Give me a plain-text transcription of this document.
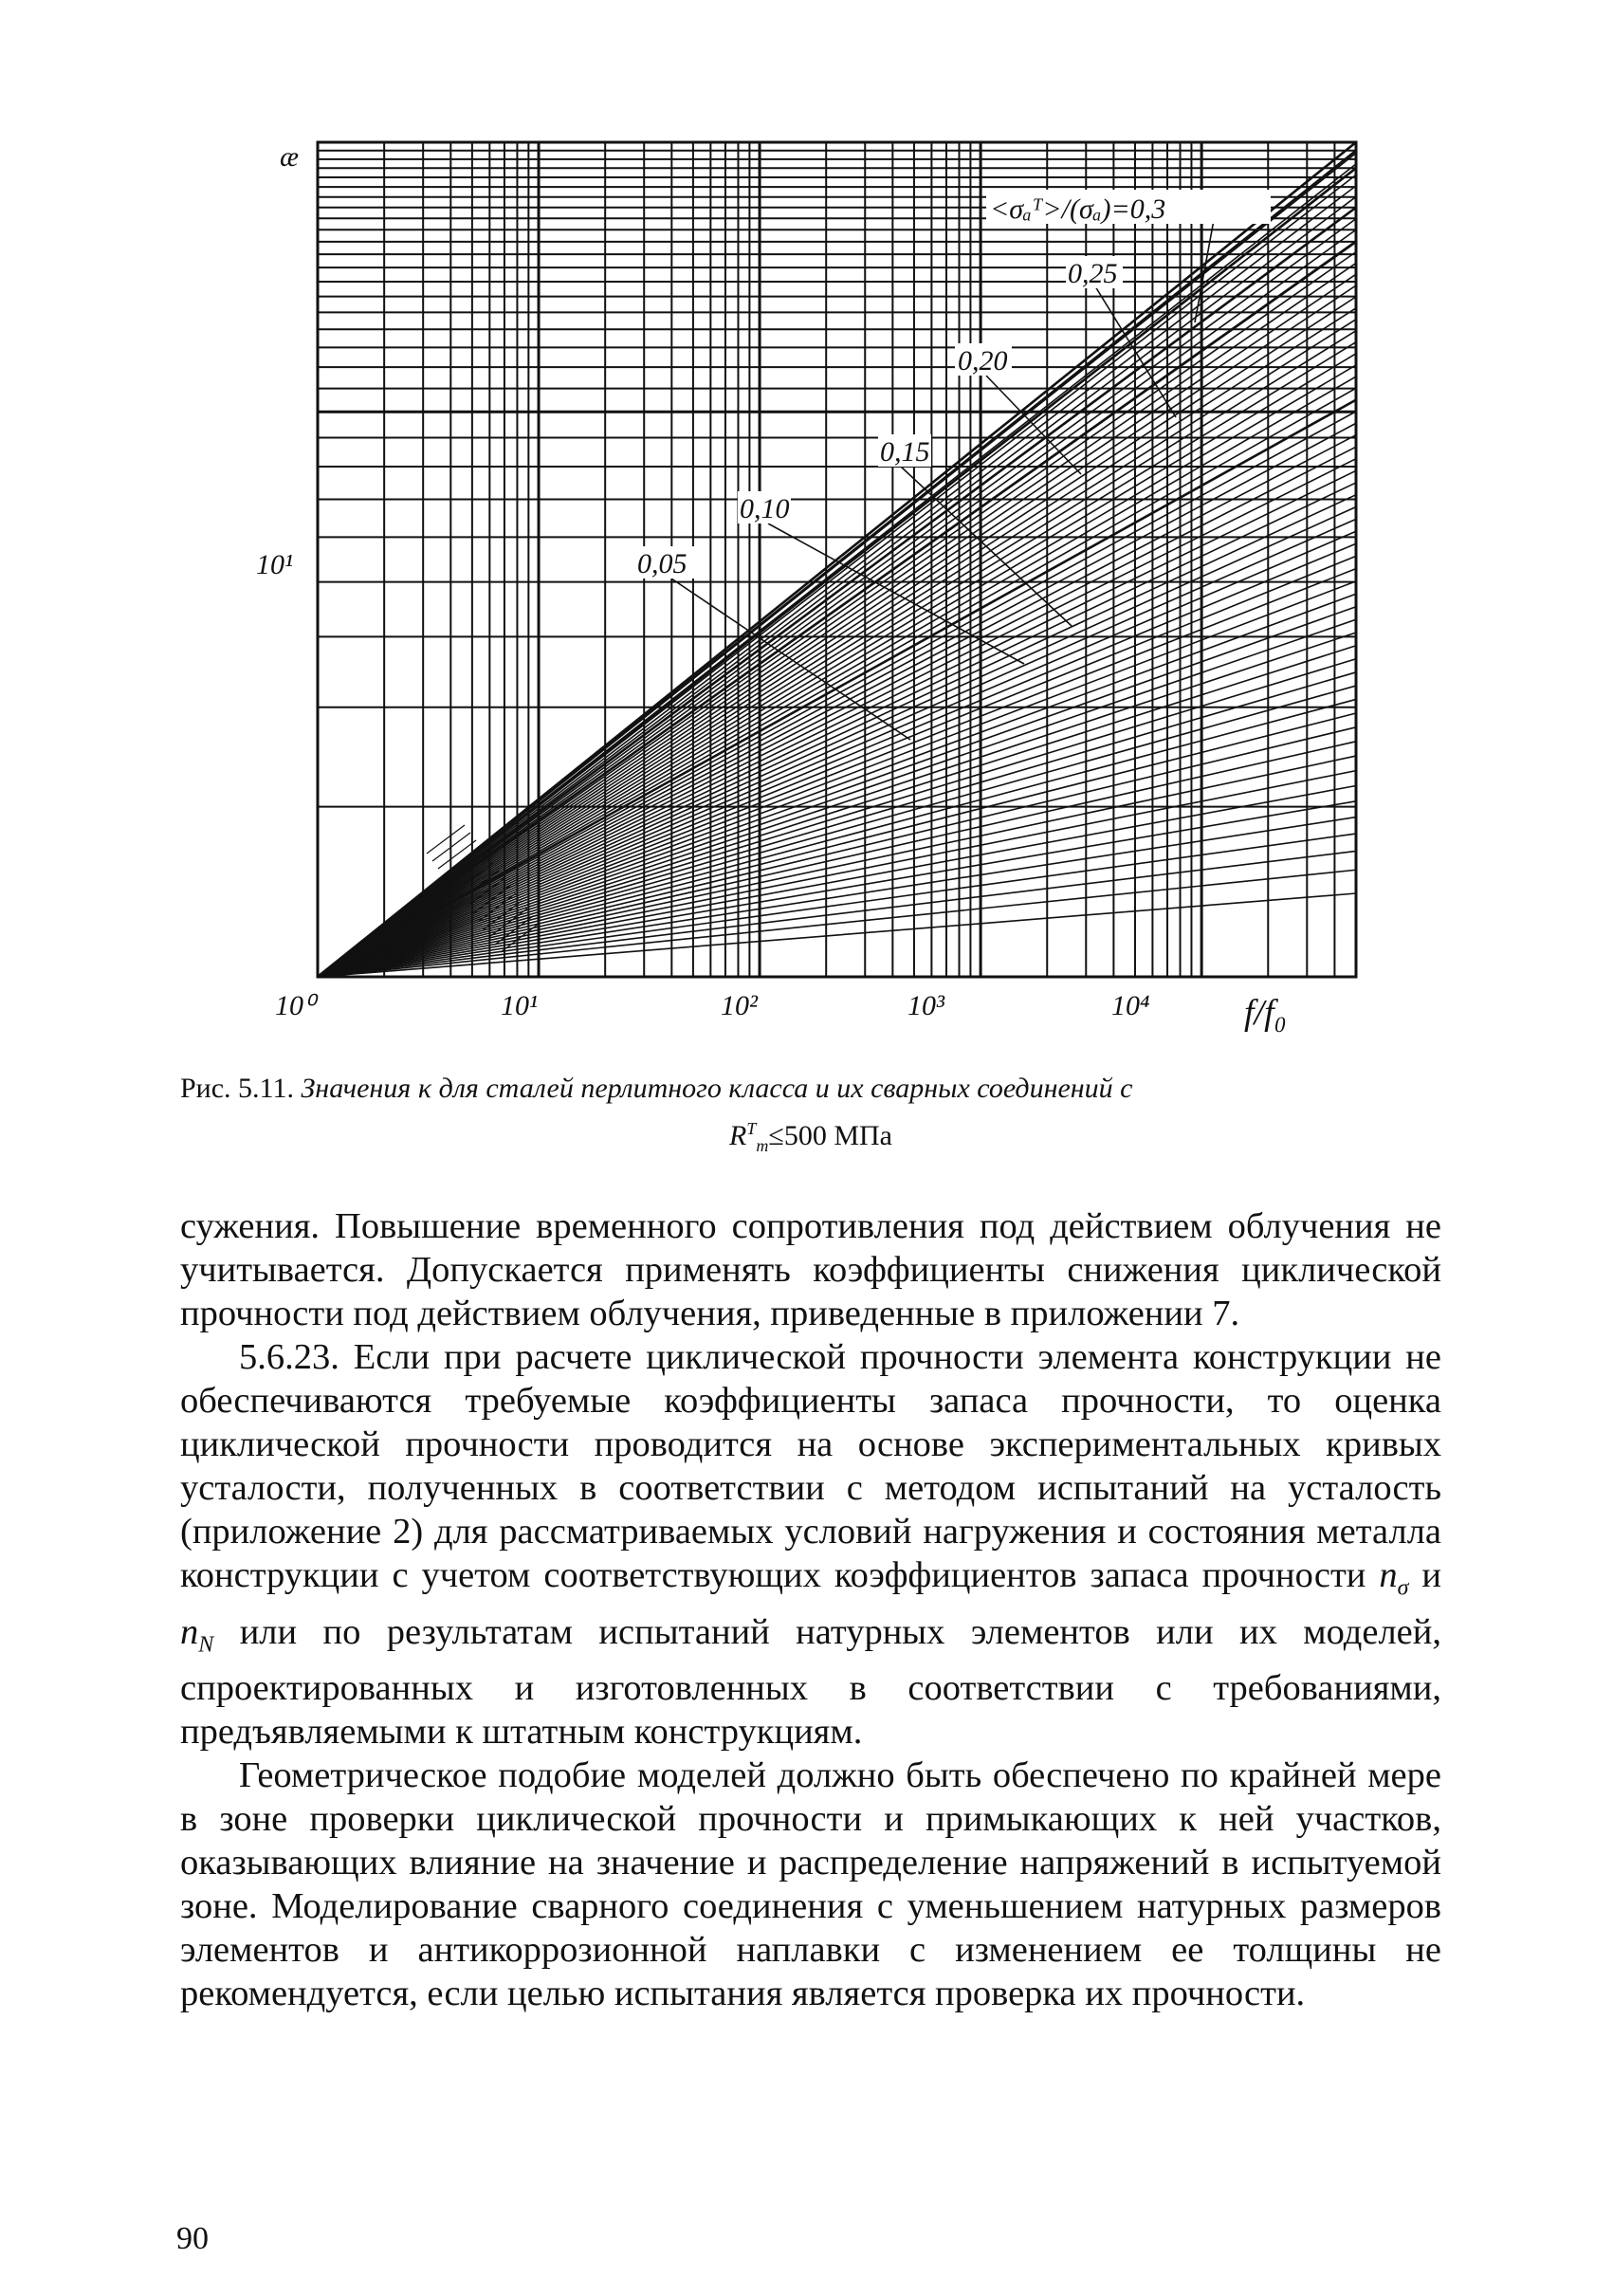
æ
10¹
10⁰	10¹	10²	10³	10⁴	f/f₀
<σₐᵀ>/(σₐ)=0,3
0,25
0,20
0,15
0,10
0,05
Рис. 5.11. Значения κ для сталей перлитного класса и их сварных соединений с
$R^T_m\le 500$ МПа

сужения. Повышение временного сопротивления под действием облучения не учитывается. Допускается применять коэффициенты снижения циклической прочности под действием облучения, приведенные в приложении 7.

5.6.23. Если при расчете циклической прочности элемента конструкции не обеспечиваются требуемые коэффициенты запаса прочности, то оценка циклической прочности проводится на основе экспериментальных кривых усталости, полученных в соответствии с методом испытаний на усталость (приложение 2) для рассматриваемых условий нагружения и состояния металла конструкции с учетом соответствующих коэффициентов запаса прочности $n_\sigma$ и $n_N$ или по результатам испытаний натурных элементов или их моделей, спроектированных и изготовленных в соответствии с требованиями, предъявляемыми к штатным конструкциям.

Геометрическое подобие моделей должно быть обеспечено по крайней мере в зоне проверки циклической прочности и примыкающих к ней участков, оказывающих влияние на значение и распределение напряжений в испытуемой зоне. Моделирование сварного соединения с уменьшением натурных размеров элементов и антикоррозионной наплавки с изменением ее толщины не рекомендуется, если целью испытания является проверка их прочности.

90
